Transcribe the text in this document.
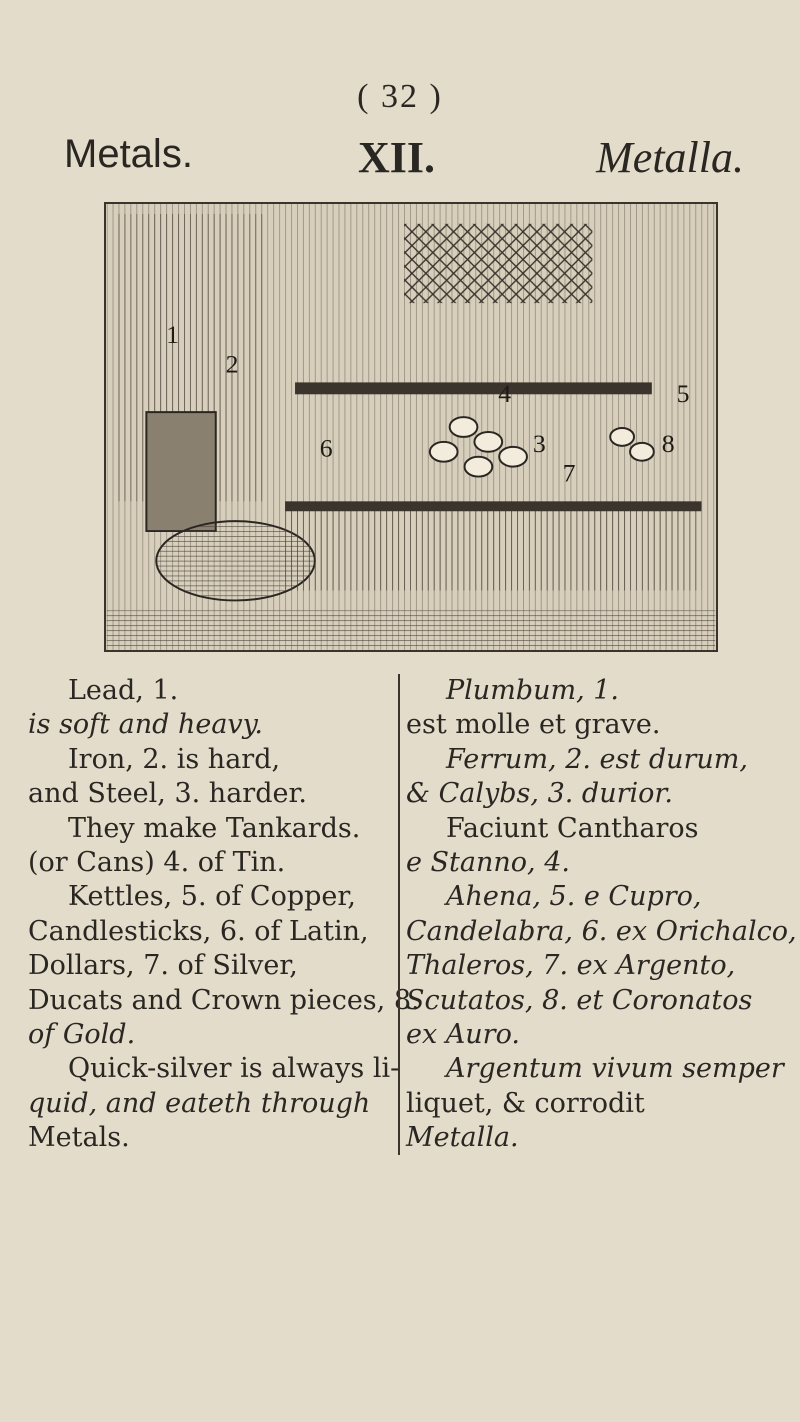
( 32 )
Metals.	XII.	Metalla.
1
2
3
4	5
6
7
8
Lead, 1.
is soft and heavy.
Iron, 2. is hard,
and Steel, 3. harder.
They make Tankards.
(or Cans) 4. of Tin.
Kettles, 5. of Copper,
Candlesticks, 6. of Latin,
Dollars, 7. of Silver,
Ducats and Crown pieces, 8.
of Gold.
Quick-silver is always li-
quid, and eateth through
Metals.
Plumbum, 1.
est molle et grave.
Ferrum, 2. est durum,
& Calybs, 3. durior.
Faciunt Cantharos
e Stanno, 4.
Ahena, 5. e Cupro,
Candelabra, 6. ex Orichalco,
Thaleros, 7. ex Argento,
Scutatos, 8. et Coronatos
ex Auro.
Argentum vivum semper
liquet, & corrodit
Metalla.
